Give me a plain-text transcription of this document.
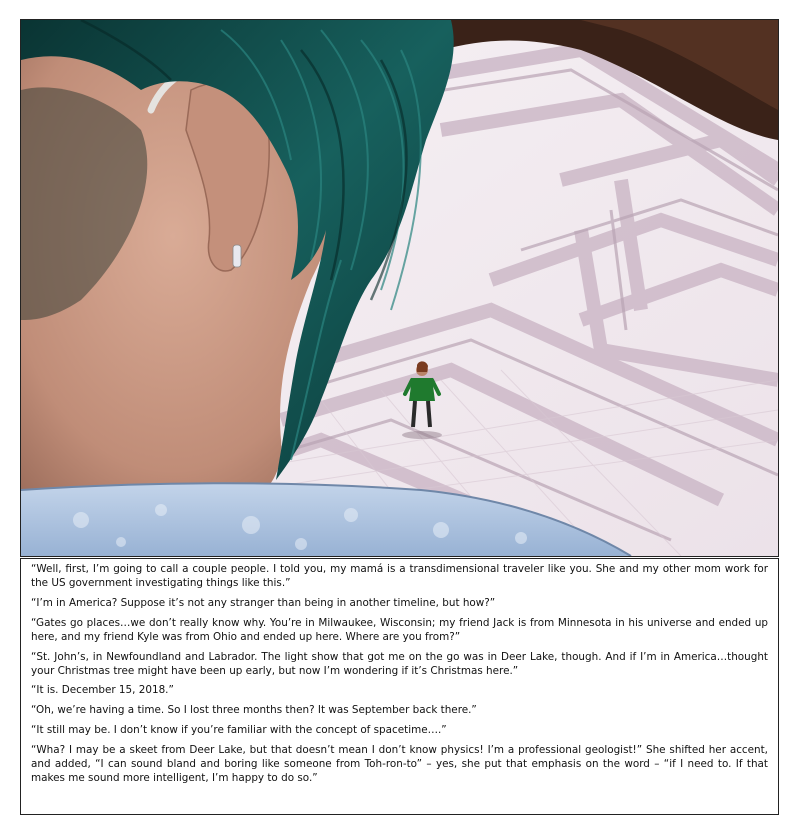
“Well, first, I’m going to call a couple people. I told you, my mamá is a transdimensional traveler like you. She and my other mom work for the US government investigating things like this.”

“I’m in America? Suppose it’s not any stranger than being in another timeline, but how?”

“Gates go places…we don’t really know why. You’re in Milwaukee, Wisconsin; my friend Jack is from Minnesota in his universe and ended up here, and my friend Kyle was from Ohio and ended up here. Where are you from?”

“St. John’s, in Newfoundland and Labrador. The light show that got me on the go was in Deer Lake, though. And if I’m in America…thought your Christmas tree might have been up early, but now I’m wondering if it’s Christmas here.”

“It is. December 15, 2018.”

“Oh, we’re having a time. So I lost three months then? It was September back there.”

“It still may be. I don’t know if you’re familiar with the concept of spacetime….”

“Wha? I may be a skeet from Deer Lake, but that doesn’t mean I don’t know physics! I’m a professional geologist!” She shifted her accent, and added, “I can sound bland and boring like someone from Toh-ron-to” – yes, she put that emphasis on the word – “if I need to. If that makes me sound more intelligent, I’m happy to do so.”
